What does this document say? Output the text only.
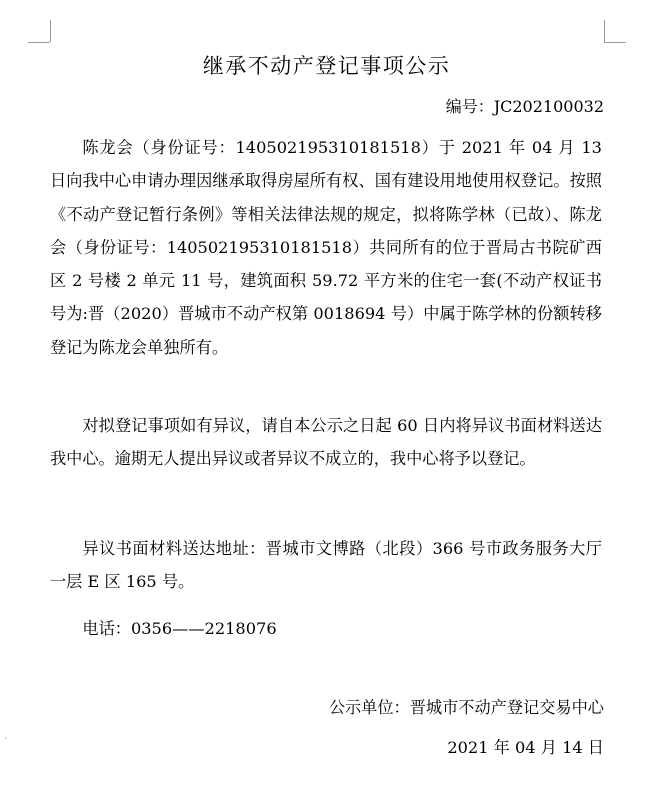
˅
继承不动产登记事项公示
编号：JC202100032
陈龙会（身份证号：140502195310181518）于 2021 年 04 月 13 日向我中心申请办理因继承取得房屋所有权、国有建设用地使用权登记。按照《不动产登记暂行条例》等相关法律法规的规定，拟将陈学林（已故）、陈龙会（身份证号：140502195310181518）共同所有的位于晋局古书院矿西区 2 号楼 2 单元 11 号，建筑面积 59.72 平方米的住宅一套(不动产权证书号为:晋（2020）晋城市不动产权第 0018694 号）中属于陈学林的份额转移登记为陈龙会单独所有。
对拟登记事项如有异议，请自本公示之日起 60 日内将异议书面材料送达我中心。逾期无人提出异议或者异议不成立的，我中心将予以登记。
异议书面材料送达地址：晋城市文博路（北段）366 号市政务服务大厅一层 E 区 165 号。
电话：0356——2218076
公示单位：晋城市不动产登记交易中心
2021 年 04 月 14 日
